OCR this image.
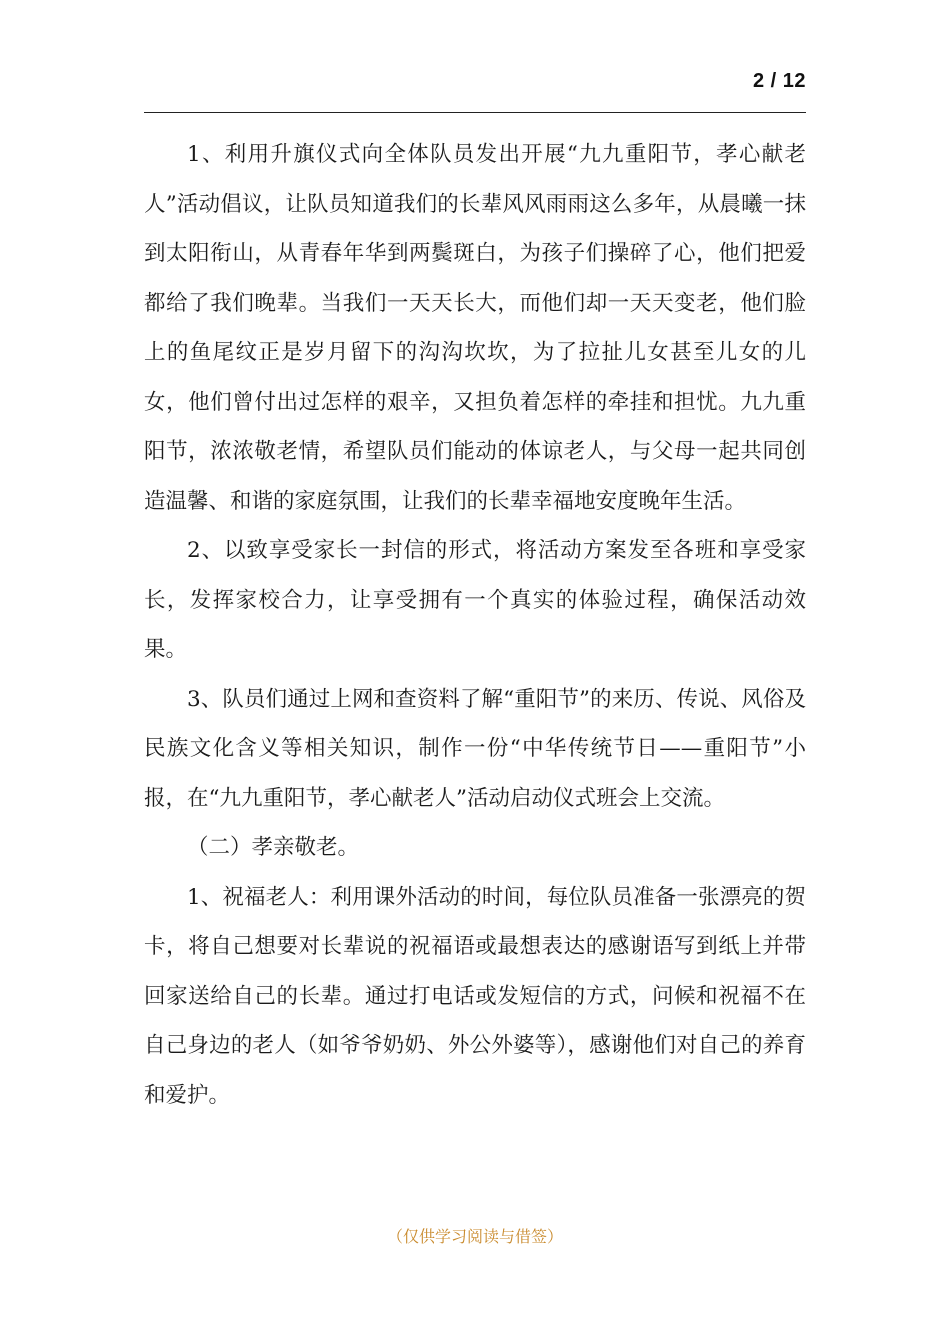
2 / 12

1、利用升旗仪式向全体队员发出开展“九九重阳节，孝心献老人”活动倡议，让队员知道我们的长辈风风雨雨这么多年，从晨曦一抹到太阳衔山，从青春年华到两鬓斑白，为孩子们操碎了心，他们把爱都给了我们晚辈。当我们一天天长大，而他们却一天天变老，他们脸上的鱼尾纹正是岁月留下的沟沟坎坎，为了拉扯儿女甚至儿女的儿女，他们曾付出过怎样的艰辛，又担负着怎样的牵挂和担忧。九九重阳节，浓浓敬老情，希望队员们能动的体谅老人，与父母一起共同创造温馨、和谐的家庭氛围，让我们的长辈幸福地安度晚年生活。

2、以致享受家长一封信的形式，将活动方案发至各班和享受家长，发挥家校合力，让享受拥有一个真实的体验过程，确保活动效果。

3、队员们通过上网和查资料了解“重阳节”的来历、传说、风俗及民族文化含义等相关知识，制作一份“中华传统节日——重阳节”小报，在“九九重阳节，孝心献老人”活动启动仪式班会上交流。

（二）孝亲敬老。

1、祝福老人：利用课外活动的时间，每位队员准备一张漂亮的贺卡，将自己想要对长辈说的祝福语或最想表达的感谢语写到纸上并带回家送给自己的长辈。通过打电话或发短信的方式，问候和祝福不在自己身边的老人（如爷爷奶奶、外公外婆等），感谢他们对自己的养育和爱护。

（仅供学习阅读与借签）
